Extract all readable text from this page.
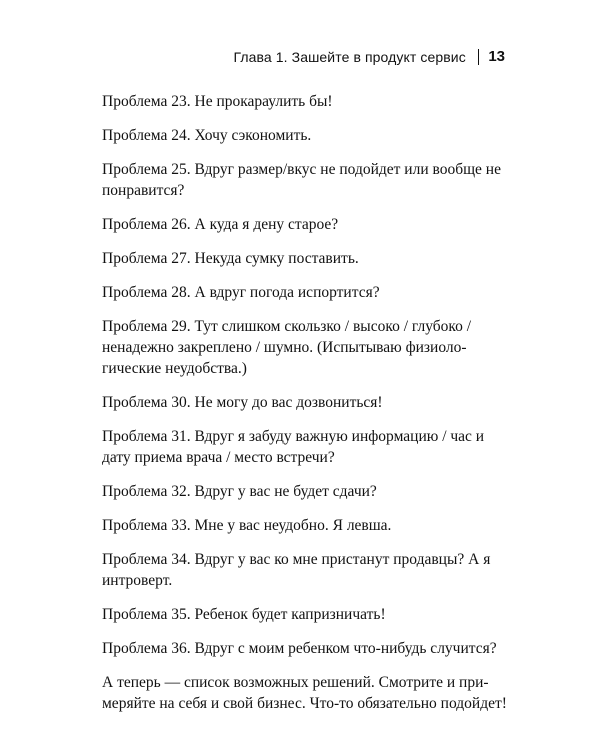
Глава 1. Зашейте в продукт сервис 13

Проблема 23. Не прокараулить бы!

Проблема 24. Хочу сэкономить.

Проблема 25. Вдруг размер/вкус не подойдет или вообще не понравится?

Проблема 26. А куда я дену старое?

Проблема 27. Некуда сумку поставить.

Проблема 28. А вдруг погода испортится?

Проблема 29. Тут слишком скользко / высоко / глубоко / ненадежно закреплено / шумно. (Испытываю физиологические неудобства.)

Проблема 30. Не могу до вас дозвониться!

Проблема 31. Вдруг я забуду важную информацию / час и дату приема врача / место встречи?

Проблема 32. Вдруг у вас не будет сдачи?

Проблема 33. Мне у вас неудобно. Я левша.

Проблема 34. Вдруг у вас ко мне пристанут продавцы? А я интроверт.

Проблема 35. Ребенок будет капризничать!

Проблема 36. Вдруг с моим ребенком что-нибудь случится?

А теперь — список возможных решений. Смотрите и примеряйте на себя и свой бизнес. Что-то обязательно подойдет!
